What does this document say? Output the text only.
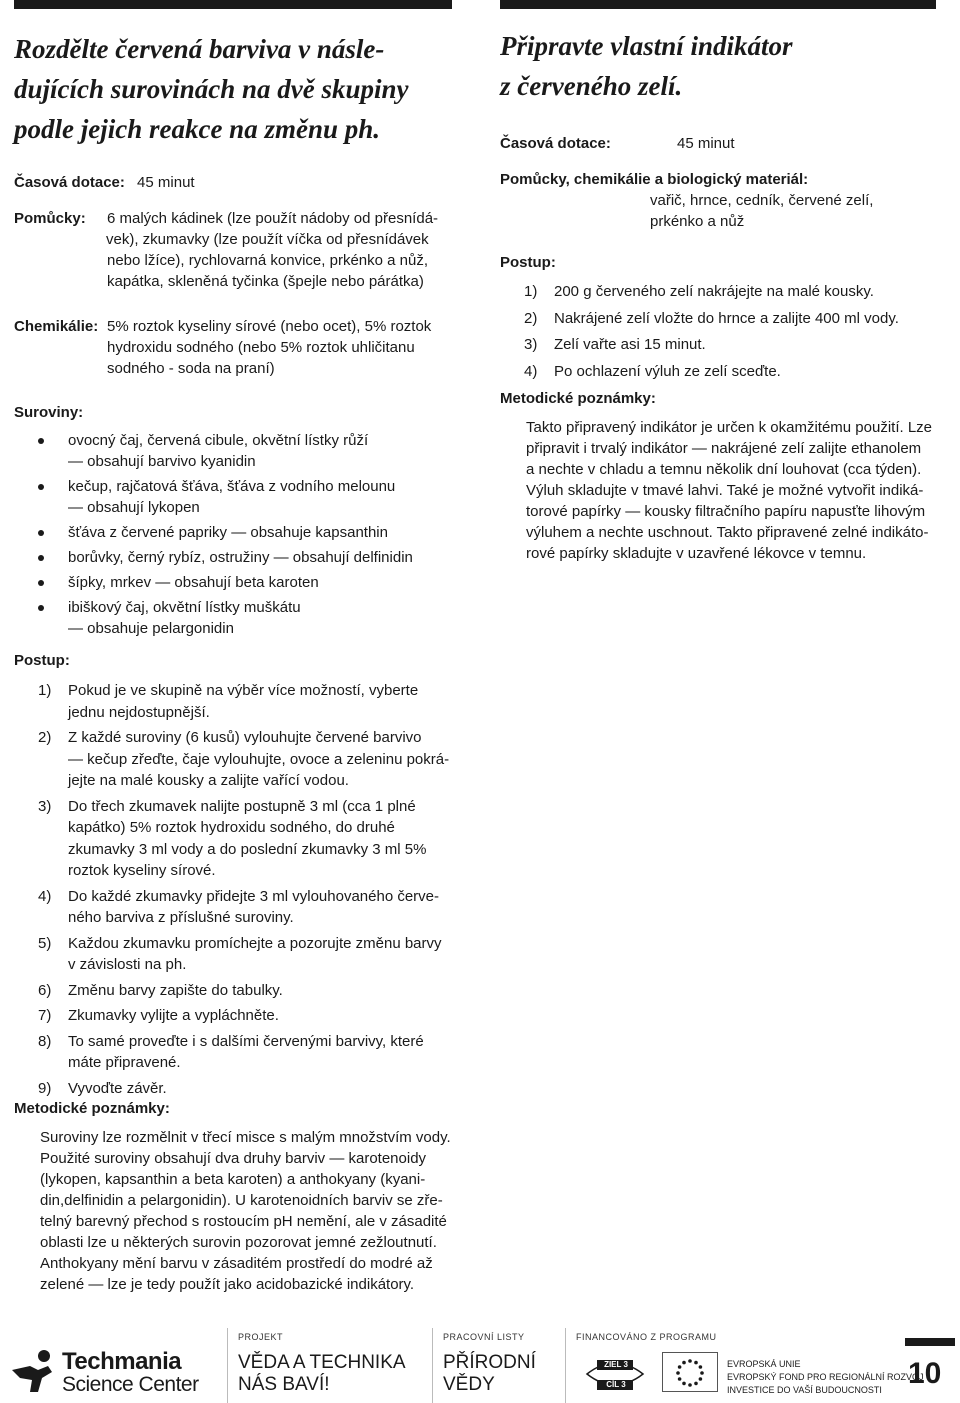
Rozdělte červená barviva v násle-
dujících surovinách na dvě skupiny
podle jejich reakce na změnu ph.
Časová dotace: 45 minut
Pomůcky: 6 malých kádinek (lze použít nádoby od přesnídá-
vek), zkumavky (lze použít víčka od přesnídávek
nebo lžíce), rychlovarná konvice, prkénko a nůž,
kapátka, skleněná tyčinka (špejle nebo párátka)
Chemikálie: 5% roztok kyseliny sírové (nebo ocet), 5% roztok
hydroxidu sodného (nebo 5% roztok uhličitanu
sodného - soda na praní)
Suroviny:
ovocný čaj, červená cibule, okvětní lístky růží
— obsahují barvivo kyanidin
kečup, rajčatová šťáva, šťáva z vodního melounu
— obsahují lykopen
šťáva z červené papriky — obsahuje kapsanthin
borůvky, černý rybíz, ostružiny — obsahují delfinidin
šípky, mrkev — obsahují beta karoten
ibiškový čaj, okvětní lístky muškátu
— obsahuje pelargonidin
Postup:
1) Pokud je ve skupině na výběr více možností, vyberte
jednu nejdostupnější.
2) Z každé suroviny (6 kusů) vylouhujte červené barvivo
— kečup zřeďte, čaje vylouhujte, ovoce a zeleninu pokrá-
jejte na malé kousky a zalijte vařící vodou.
3) Do třech zkumavek nalijte postupně 3 ml (cca 1 plné
kapátko) 5% roztok hydroxidu sodného, do druhé
zkumavky 3 ml vody a do poslední zkumavky 3 ml 5%
roztok kyseliny sírové.
4) Do každé zkumavky přidejte 3 ml vylouhovaného červe-
ného barviva z příslušné suroviny.
5) Každou zkumavku promíchejte a pozorujte změnu barvy
v závislosti na ph.
6) Změnu barvy zapište do tabulky.
7) Zkumavky vylijte a vypláchněte.
8) To samé proveďte i s dalšími červenými barvivy, které
máte připravené.
9) Vyvoďte závěr.
Metodické poznámky:
Suroviny lze rozmělnit v třecí misce s malým množstvím vody.
Použité suroviny obsahují dva druhy barviv — karotenoidy
(lykopen, kapsanthin a beta karoten) a anthokyany (kyani-
din,delfinidin a pelargonidin). U karotenoidních barviv se zře-
telný barevný přechod s rostoucím pH nemění, ale v zásadité
oblasti lze u některých surovin pozorovat jemné zežloutnutí.
Anthokyany mění barvu v zásaditém prostředí do modré až
zelené — lze je tedy použít jako acidobazické indikátory.
Připravte vlastní indikátor
z červeného zelí.
Časová dotace:	45 minut
Pomůcky, chemikálie a biologický materiál:
vařič, hrnce, cedník, červené zelí,
prkénko a nůž
Postup:
1) 200 g červeného zelí nakrájejte na malé kousky.
2) Nakrájené zelí vložte do hrnce a zalijte 400 ml vody.
3) Zelí vařte asi 15 minut.
4) Po ochlazení výluh ze zelí sceďte.
Metodické poznámky:
Takto připravený indikátor je určen k okamžitému použití. Lze
připravit i trvalý indikátor — nakrájené zelí zalijte ethanolem
a nechte v chladu a temnu několik dní louhovat (cca týden).
Výluh skladujte v tmavé lahvi. Také je možné vytvořit indiká-
torové papírky — kousky filtračního papíru napusťte lihovým
výluhem a nechte uschnout. Takto připravené zelné indikáto-
rové papírky skladujte v uzavřené lékovce v temnu.
Techmania
Science Center
PROJEKT
VĚDA A TECHNIKA
NÁS BAVÍ!
PRACOVNÍ LISTY
PŘÍRODNÍ
VĚDY
FINANCOVÁNO Z PROGRAMU
ZIEL 3
CÍL 3
EVROPSKÁ UNIE
EVROPSKÝ FOND PRO REGIONÁLNÍ ROZVOJ
INVESTICE DO VAŠÍ BUDOUCNOSTI 10
